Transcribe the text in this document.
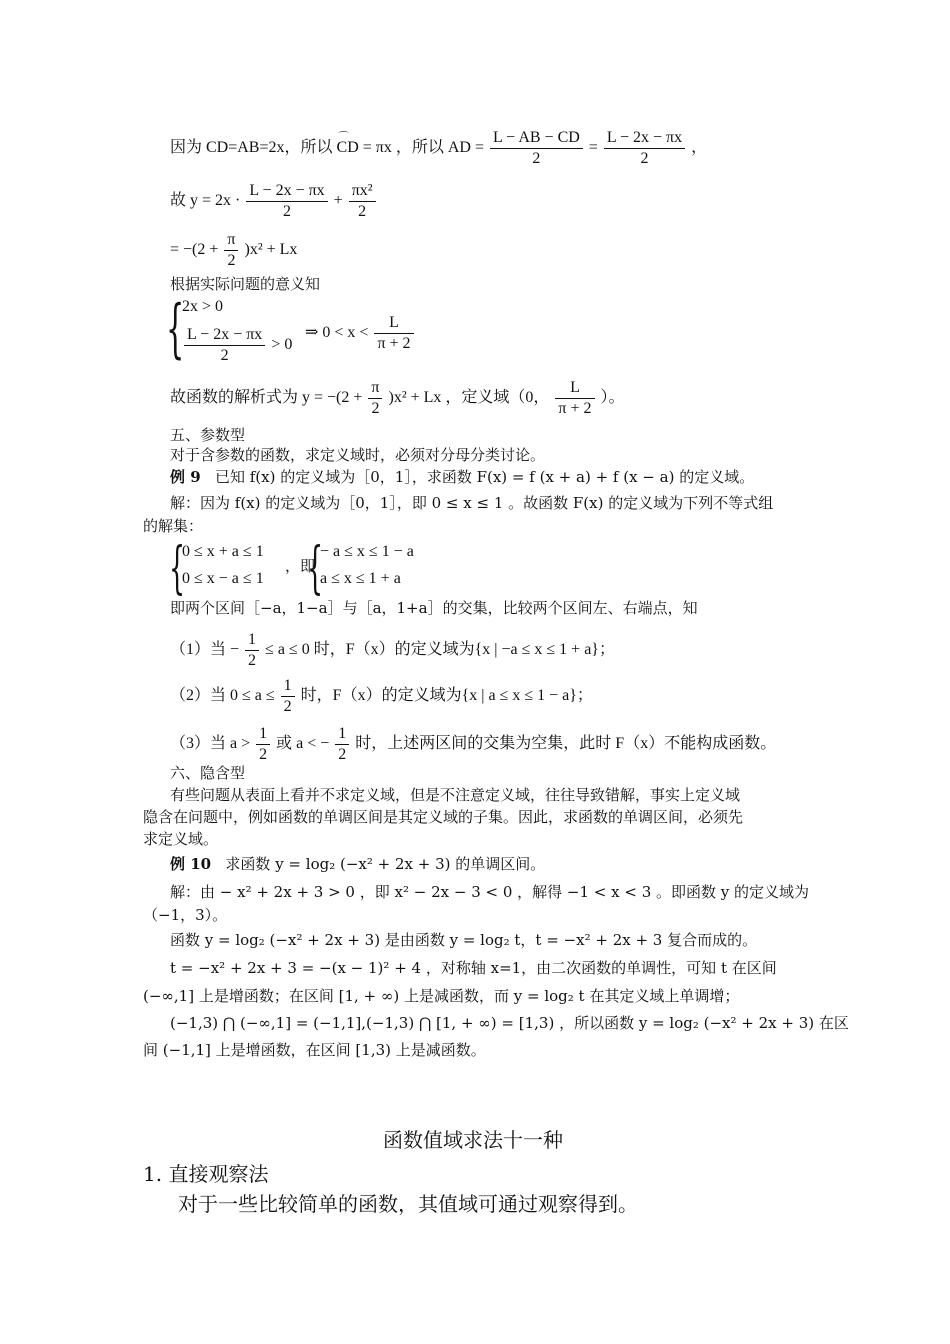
因为 CD=AB=2x，所以 ⌒ CD = πx ，所以 AD = $\frac{L - AB - CD}{2} = \frac{L - 2x - \pi x}{2}$ ，
故 $y = 2x \cdot \frac{L - 2x - \pi x}{2} + \frac{\text{πx²}}{2}$
= $-(2 + \frac{\pi}{2} )x^2 + Lx$
根据实际问题的意义知
{
2x > 0
$\frac{L - 2x - \pi x}{2} > 0$
⇒ $0 < x < \frac{L}{\pi + 2}$
故函数的解析式为 $y = -(2 + \frac{\pi}{2} )x^2 + Lx$ ，定义域（0， $\frac{L}{\pi + 2}$ ）。
五、参数型
对于含参数的函数，求定义域时，必须对分母分类讨论。
例 9 已知 f(x) 的定义域为［0，1］，求函数 F(x) = f (x + a) + f (x − a) 的定义域。
解：因为 f(x) 的定义域为［0，1］，即 0 ≤ x ≤ 1 。故函数 F(x) 的定义域为下列不等式组
的解集：
{
0 ≤ x + a ≤ 1
0 ≤ x − a ≤ 1
，即
{
− a ≤ x ≤ 1 − a
a ≤ x ≤ 1 + a
即两个区间［−a，1−a］与［a，1+a］的交集，比较两个区间左、右端点，知
（1）当 − $\frac{1}{2} \le a \le 0$ 时，F（x）的定义域为{x | −a ≤ x ≤ 1 + a}；
（2）当 $0 \le a \le \frac{1}{2}$ 时，F（x）的定义域为{x | a ≤ x ≤ 1 − a}；
（3）当 $a > \frac{1}{2}$ 或 a < − $\frac{1}{2}$ 时，上述两区间的交集为空集，此时 F（x）不能构成函数。
六、隐含型
有些问题从表面上看并不求定义域，但是不注意定义域，往往导致错解，事实上定义域
隐含在问题中，例如函数的单调区间是其定义域的子集。因此，求函数的单调区间，必须先
求定义域。
例 10 求函数 y = log₂ (−x² + 2x + 3) 的单调区间。
解：由 − x² + 2x + 3 > 0 ，即 x² − 2x − 3 < 0 ，解得 −1 < x < 3 。即函数 y 的定义域为
（−1，3）。
函数 y = log₂ (−x² + 2x + 3) 是由函数 y = log₂ t，t = −x² + 2x + 3 复合而成的。
t = −x² + 2x + 3 = −(x − 1)² + 4 ，对称轴 x=1，由二次函数的单调性，可知 t 在区间
(−∞,1] 上是增函数；在区间 [1, + ∞) 上是减函数，而 y = log₂ t 在其定义域上单调增；
(−1,3) ⋂ (−∞,1] = (−1,1],(−1,3) ⋂ [1, + ∞) = [1,3) ，所以函数 y = log₂ (−x² + 2x + 3) 在区
间 (−1,1] 上是增函数，在区间 [1,3) 上是减函数。
函数值域求法十一种
1. 直接观察法
对于一些比较简单的函数，其值域可通过观察得到。
